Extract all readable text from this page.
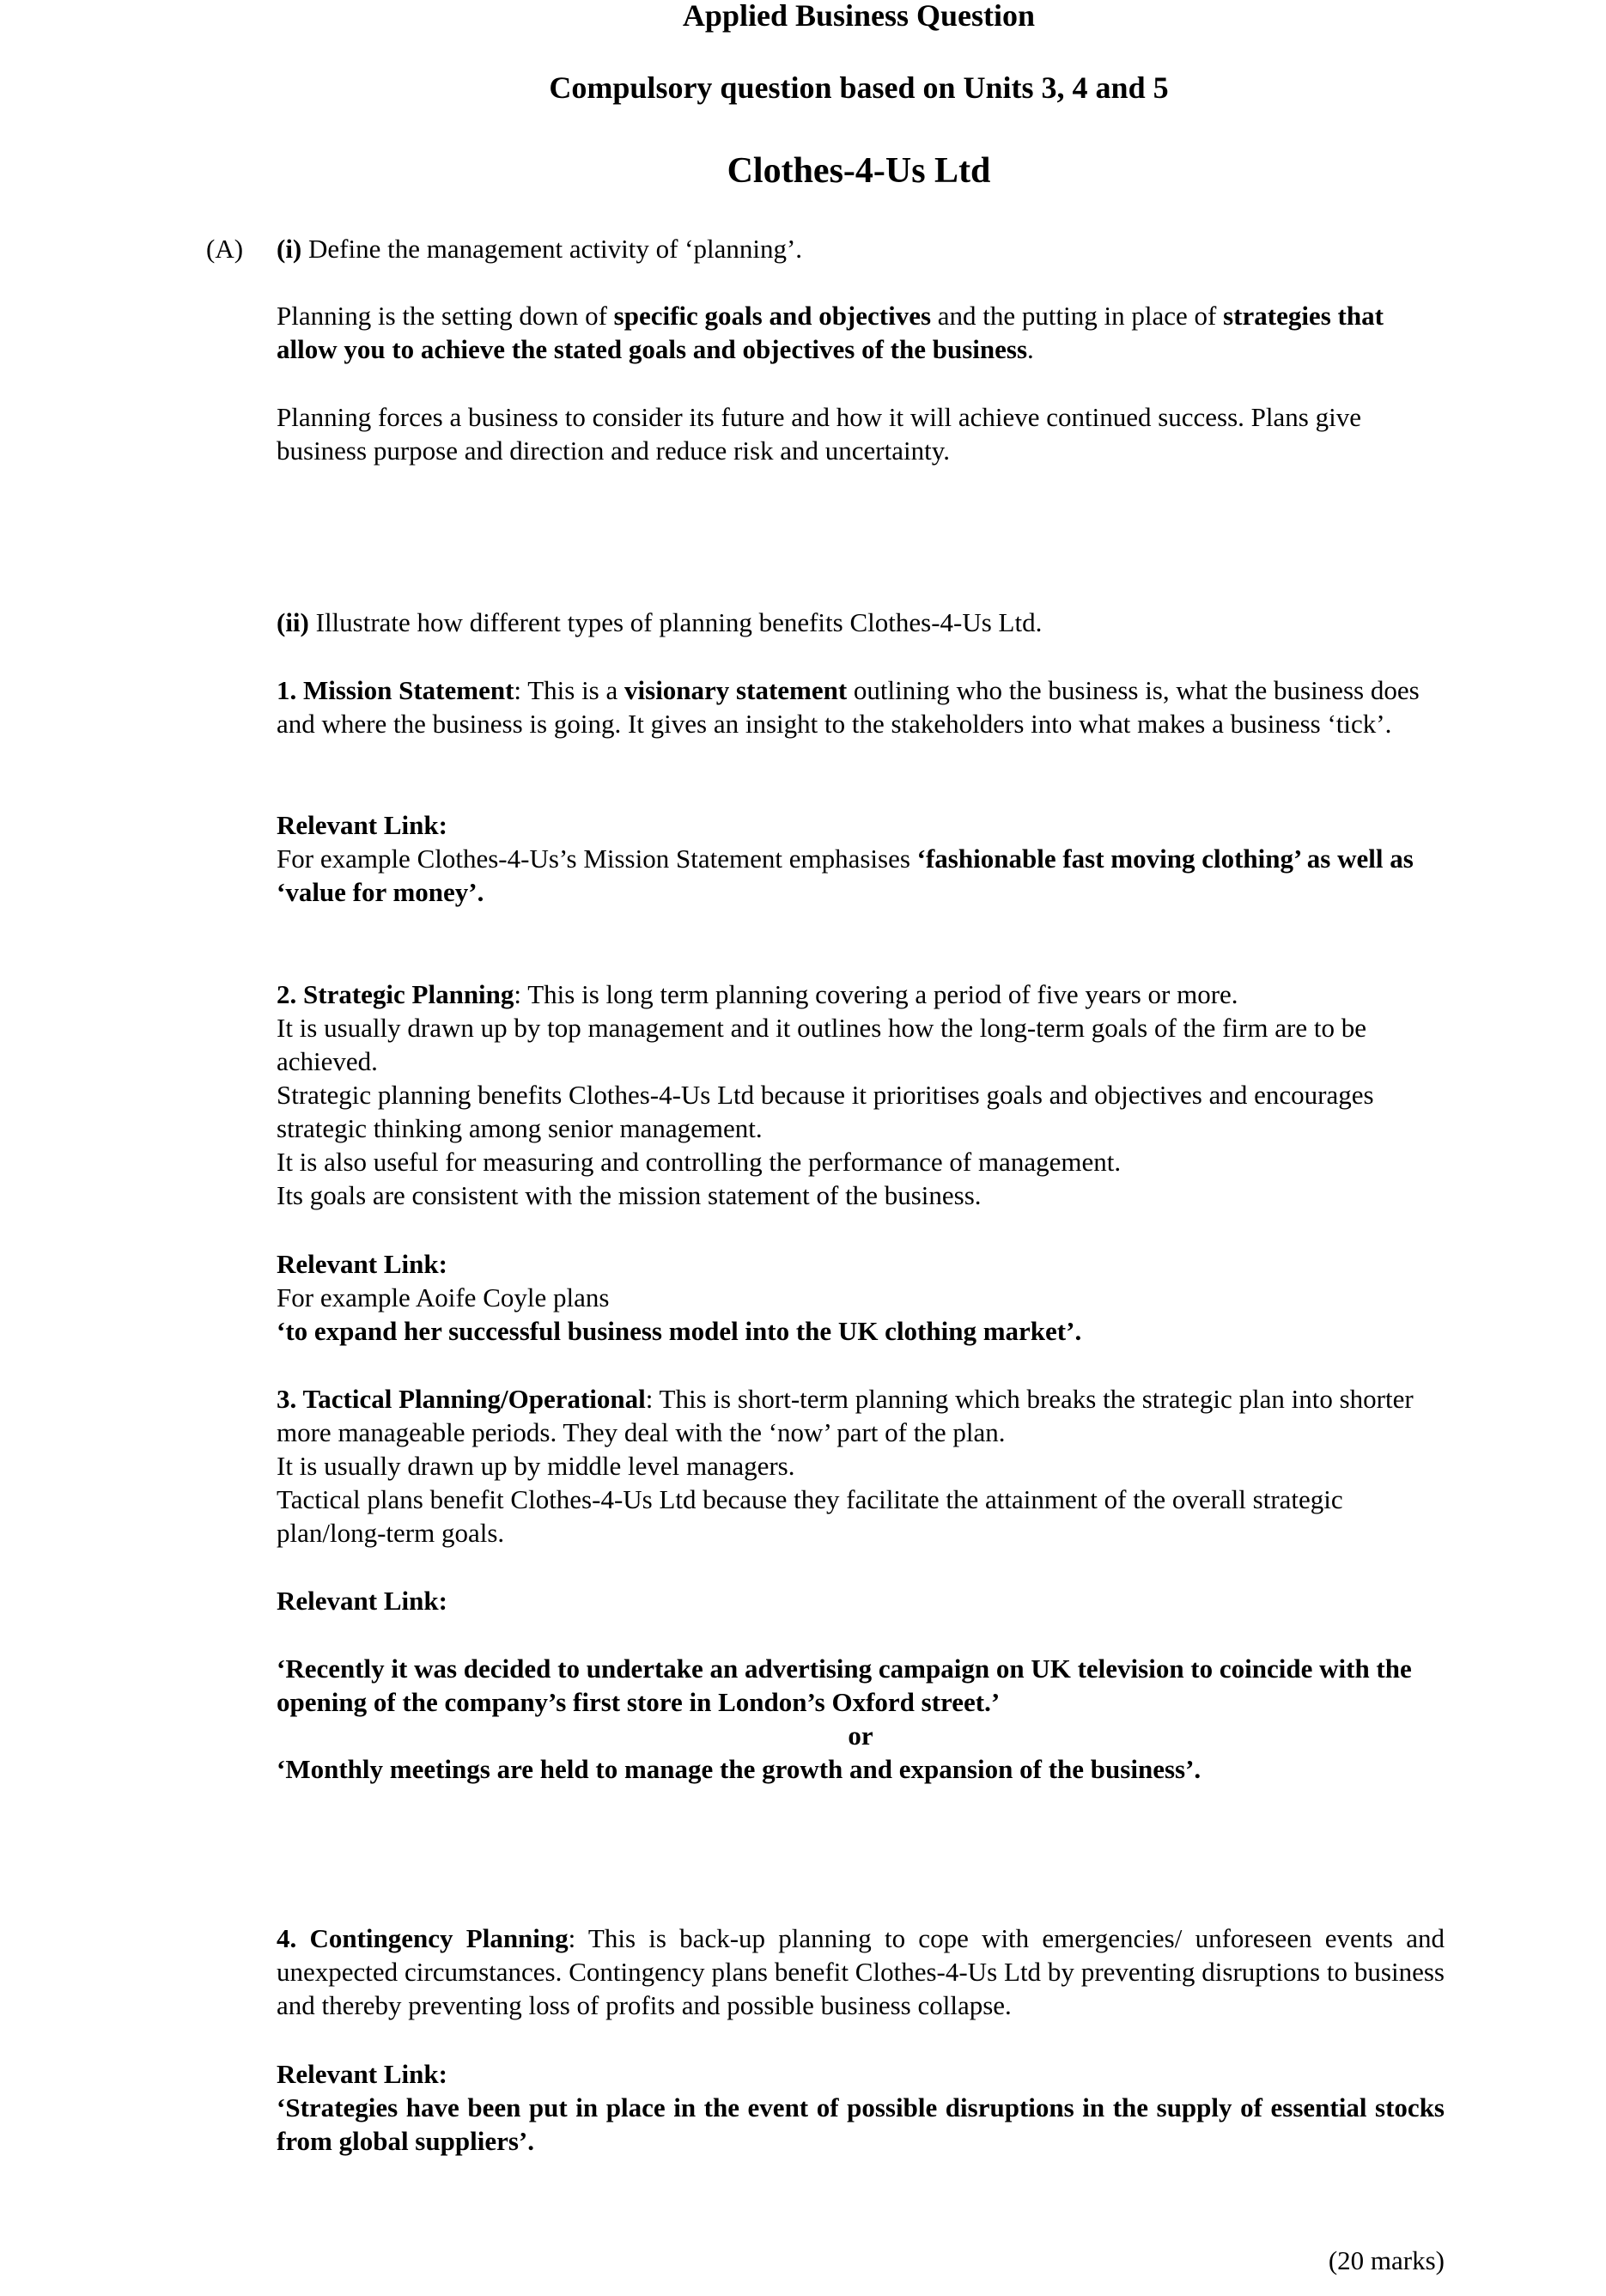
Applied Business Question
Compulsory question based on Units 3, 4 and 5
Clothes-4-Us Ltd
(A) (i) Define the management activity of ‘planning’.
Planning is the setting down of specific goals and objectives and the putting in place of strategies that allow you to achieve the stated goals and objectives of the business.
Planning forces a business to consider its future and how it will achieve continued success. Plans give business purpose and direction and reduce risk and uncertainty.
(ii) Illustrate how different types of planning benefits Clothes-4-Us Ltd.
1. Mission Statement: This is a visionary statement outlining who the business is, what the business does and where the business is going. It gives an insight to the stakeholders into what makes a business ‘tick’.
Relevant Link:
For example Clothes-4-Us’s Mission Statement emphasises ‘fashionable fast moving clothing’ as well as ‘value for money’.
2. Strategic Planning: This is long term planning covering a period of five years or more.
It is usually drawn up by top management and it outlines how the long-term goals of the firm are to be achieved.
Strategic planning benefits Clothes-4-Us Ltd because it prioritises goals and objectives and encourages strategic thinking among senior management.
It is also useful for measuring and controlling the performance of management.
Its goals are consistent with the mission statement of the business.
Relevant Link:
For example Aoife Coyle plans
‘to expand her successful business model into the UK clothing market’.
3. Tactical Planning/Operational: This is short-term planning which breaks the strategic plan into shorter more manageable periods. They deal with the ‘now’ part of the plan.
It is usually drawn up by middle level managers.
Tactical plans benefit Clothes-4-Us Ltd because they facilitate the attainment of the overall strategic plan/long-term goals.
Relevant Link:
‘Recently it was decided to undertake an advertising campaign on UK television to coincide with the opening of the company’s first store in London’s Oxford street.’
or
‘Monthly meetings are held to manage the growth and expansion of the business’.
4. Contingency Planning: This is back-up planning to cope with emergencies/ unforeseen events and unexpected circumstances. Contingency plans benefit Clothes-4-Us Ltd by preventing disruptions to business and thereby preventing loss of profits and possible business collapse.
Relevant Link:
‘Strategies have been put in place in the event of possible disruptions in the supply of essential stocks from global suppliers’.
(20 marks)
